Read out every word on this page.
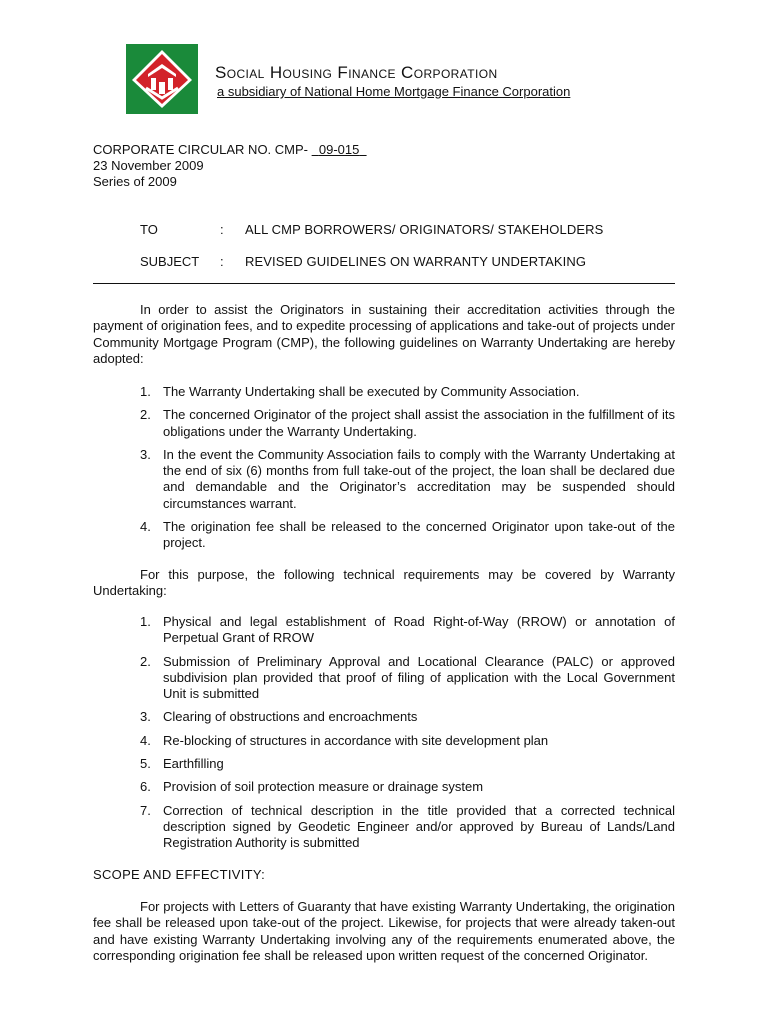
Social Housing Finance Corporation
a subsidiary of National Home Mortgage Finance Corporation
CORPORATE CIRCULAR NO. CMP- 09-015
23 November 2009
Series of 2009
TO	: ALL CMP BORROWERS/ ORIGINATORS/ STAKEHOLDERS
SUBJECT : REVISED GUIDELINES ON WARRANTY UNDERTAKING
In order to assist the Originators in sustaining their accreditation activities through the payment of origination fees, and to expedite processing of applications and take-out of projects under Community Mortgage Program (CMP), the following guidelines on Warranty Undertaking are hereby adopted:
1. The Warranty Undertaking shall be executed by Community Association.
2. The concerned Originator of the project shall assist the association in the fulfillment of its obligations under the Warranty Undertaking.
3. In the event the Community Association fails to comply with the Warranty Undertaking at the end of six (6) months from full take-out of the project, the loan shall be declared due and demandable and the Originator’s accreditation may be suspended should circumstances warrant.
4. The origination fee shall be released to the concerned Originator upon take-out of the project.
For this purpose, the following technical requirements may be covered by Warranty Undertaking:
1. Physical and legal establishment of Road Right-of-Way (RROW) or annotation of Perpetual Grant of RROW
2. Submission of Preliminary Approval and Locational Clearance (PALC) or approved subdivision plan provided that proof of filing of application with the Local Government Unit is submitted
3. Clearing of obstructions and encroachments
4. Re-blocking of structures in accordance with site development plan
5. Earthfilling
6. Provision of soil protection measure or drainage system
7. Correction of technical description in the title provided that a corrected technical description signed by Geodetic Engineer and/or approved by Bureau of Lands/Land Registration Authority is submitted
SCOPE AND EFFECTIVITY:
For projects with Letters of Guaranty that have existing Warranty Undertaking, the origination fee shall be released upon take-out of the project. Likewise, for projects that were already taken-out and have existing Warranty Undertaking involving any of the requirements enumerated above, the corresponding origination fee shall be released upon written request of the concerned Originator.
